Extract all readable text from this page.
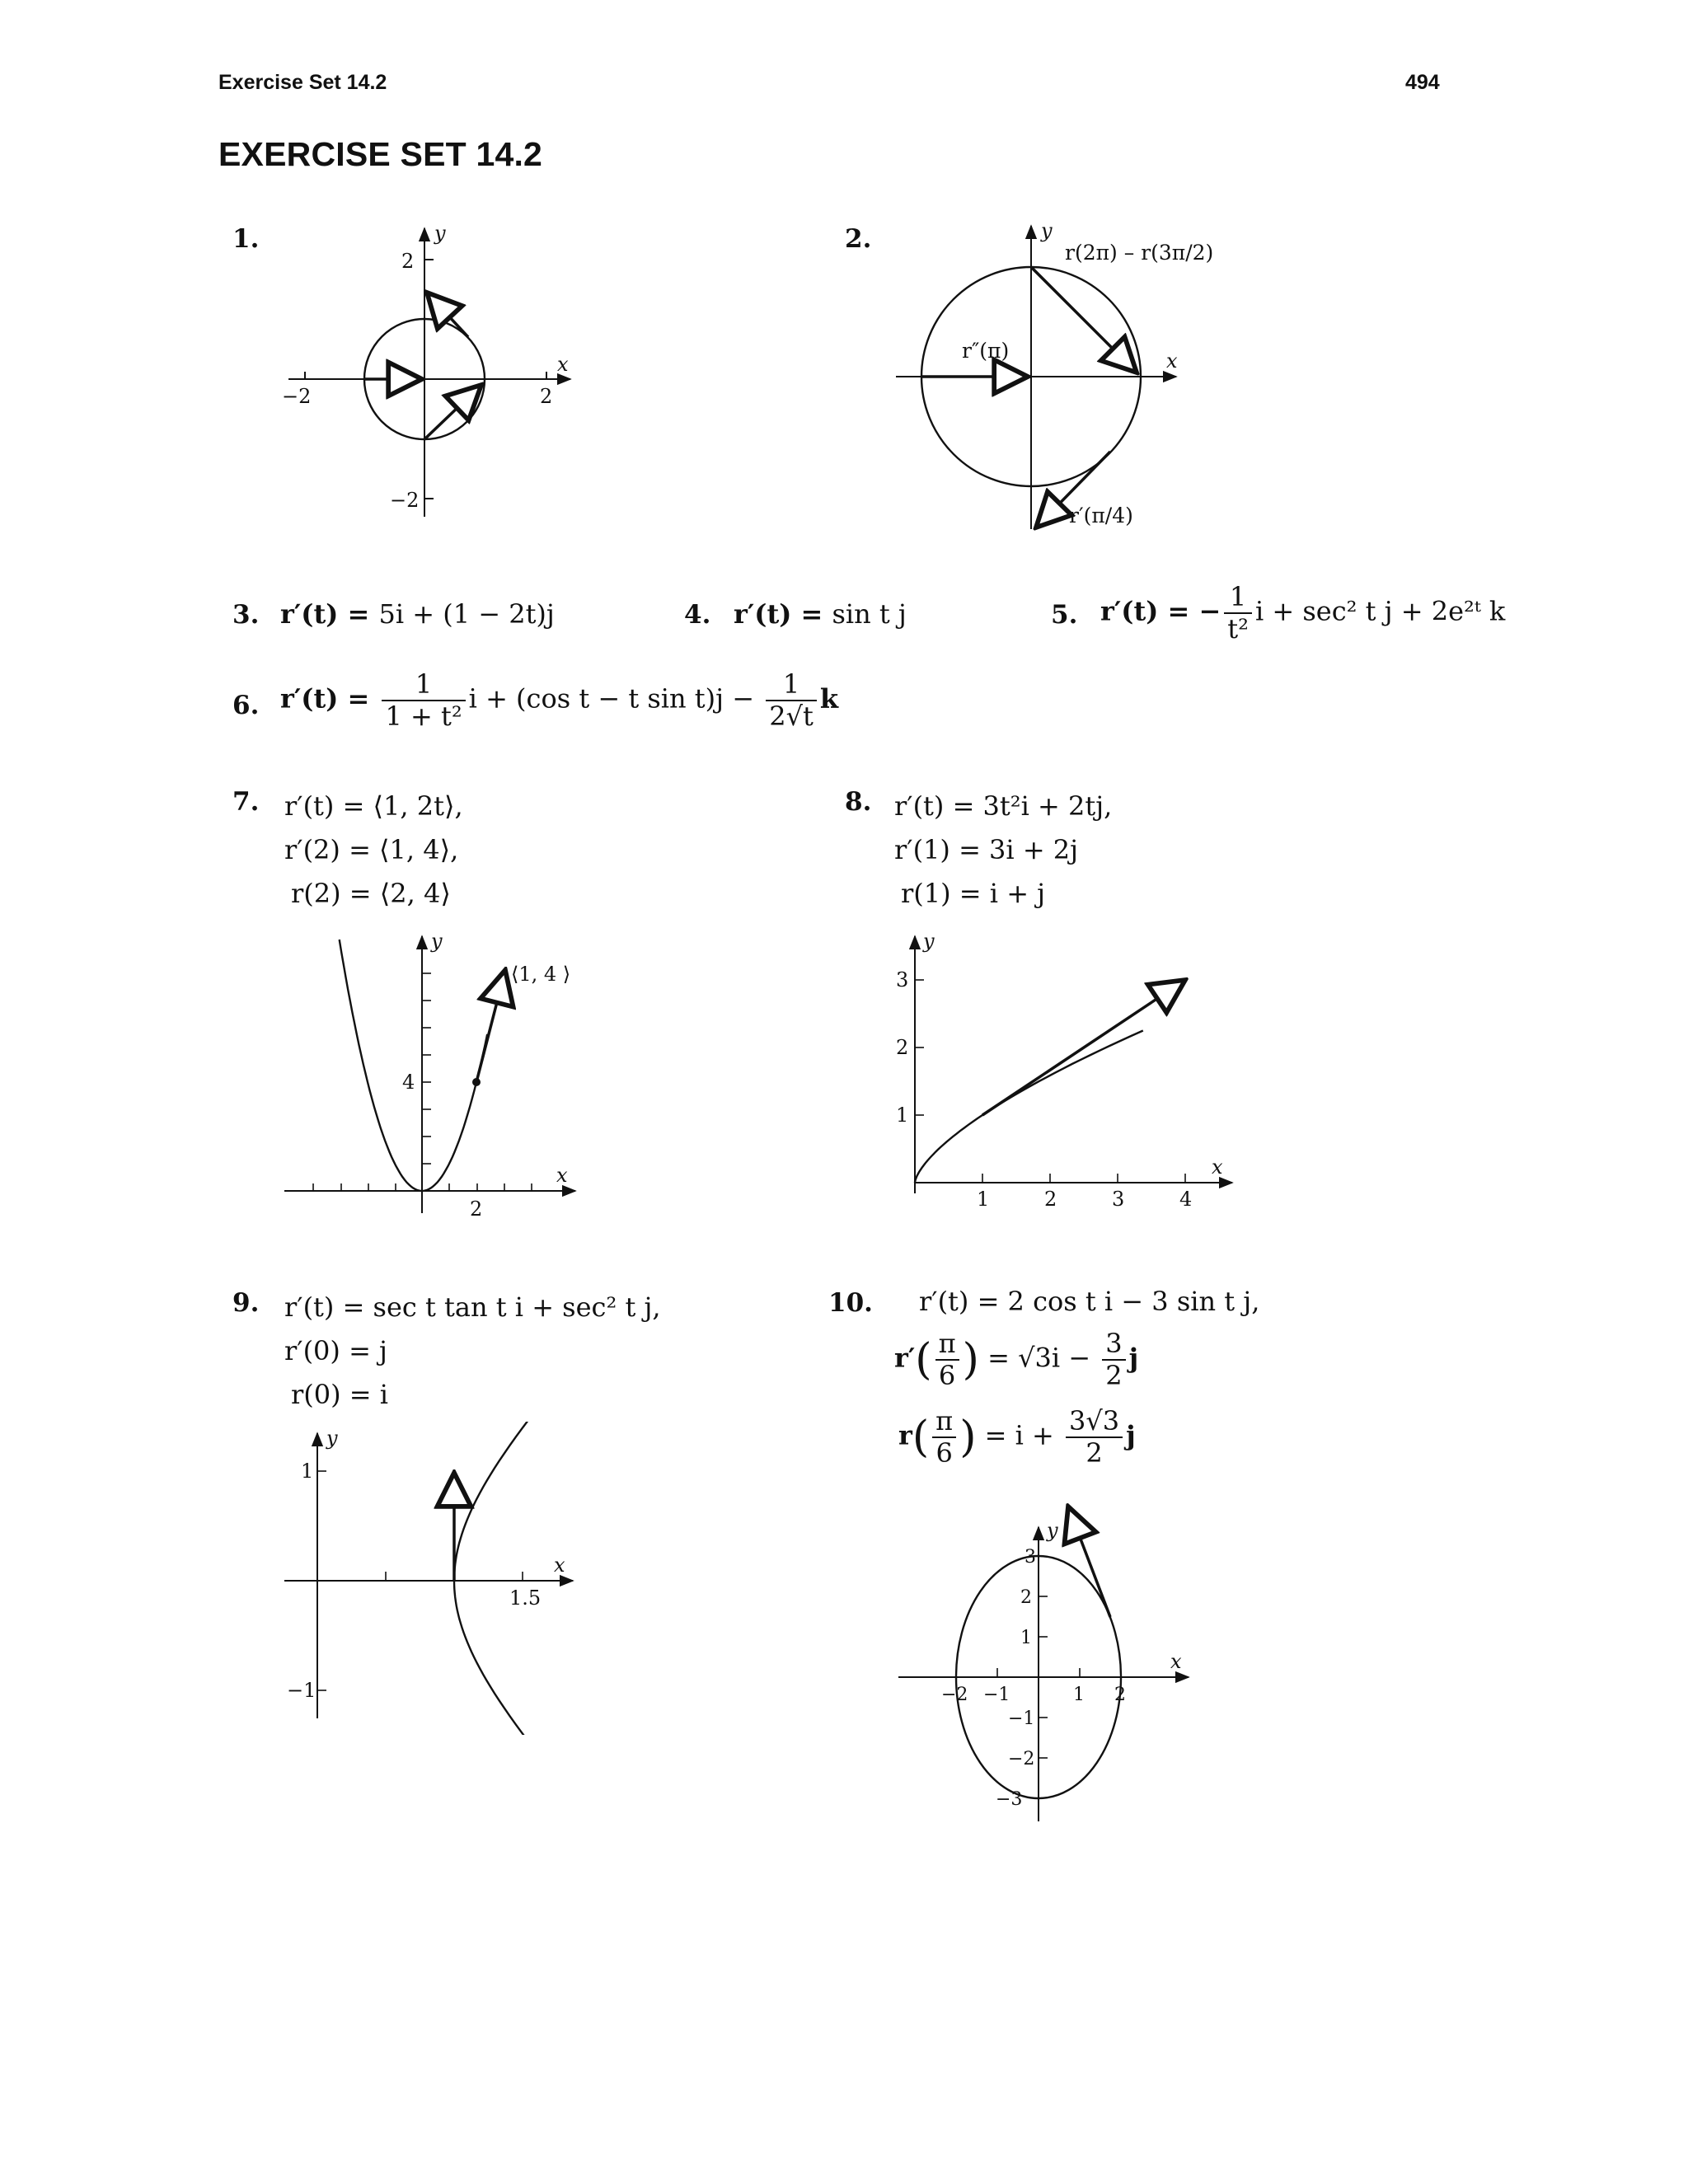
Exercise Set 14.2	494
EXERCISE SET 14.2
1.	y
x
2
−2
−2	2
2.	y
x
r(2π) – r(3π/2)
r″(π)
r′(π/4)
3. r′(t) = 5i + (1 − 2t)j	4. r′(t) = sin t j	5. r′(t) = − $\frac{1}{\text{t²}}$ i + sec² t j + 2e²ᵗ k
6. $r'(t) = \frac{1}{\text{1 + t²}}$ i + (cos t − t $\sin t)j - \frac{1}{2√t}$ k
7. r′(t) = ⟨1, 2t⟩,
r′(2) = ⟨1, 4⟩,
r(2) = ⟨2, 4⟩
8. r′(t) = 3t²i + 2tj,
r′(1) = 3i + 2j
r(1) = i + j
y
x
4
2
⟨1, 4 ⟩
y
x
1
2
3
1	2	3	4
9. r′(t) = sec t tan t i + sec² t j,
r′(0) = j
r(0) = i
y
x
1
−1
1.5
10. r′(t) = 2 cos t i − 3 sin t j,
$r'( \frac{\pi}{6}$ ) = $√3i - \frac{3}{2}$ j
$r( \frac{\pi}{6}$ ) = $i + \frac{3√3}{2}$ j
y
x
1
2
3
−1
−2
−3
−2 −1	1 2
